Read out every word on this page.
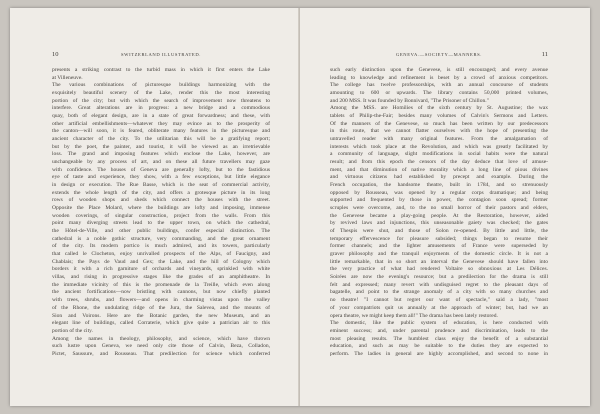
10	SWITZERLAND ILLUSTRATED.
presents a striking contrast to the turbid mass in which it first enters the Lake
at Villeneuve.
The various combinations of picturesque buildings harmonizing with the
exquisitely beautiful scenery of the Lake, render this the most interesting
portion of the city; but with which the search of improvement now threatens to
interfere. Great alterations are in progress: a new bridge and a commodious
quay, both of elegant design, are in a state of great forwardness; and these, with
other artificial embellishments—whatever they may evince as to the prosperity of
the canton—will soon, it is feared, obliterate many features in the picturesque and
ancient character of the city. To the utilitarian this will be a gratifying report;
but by the poet, the painter, and tourist, it will be viewed as an irretrievable
loss. The grand and imposing features which enclose the Lake, however, are
unchangeable by any process of art, and on these all future travellers may gaze
with confidence. The houses of Geneva are generally lofty, but to the fastidious
eye of taste and experience, they show, with a few exceptions, but little elegance
in design or execution. The Rue Basse, which is the seat of commercial activity,
extends the whole length of the city, and offers a grotesque picture in its long
rows of wooden shops and sheds which connect the houses with the street.
Opposite the Place Molard, where the buildings are lofty and imposing, immense
wooden coverings, of singular construction, project from the walls. From this
point many diverging streets lead to the upper town, on which the cathedral,
the Hôtel-de-Ville, and other public buildings, confer especial distinction. The
cathedral is a noble gothic structure, very commanding, and the great ornament
of the city. Its modern portico is much admired, and its towers, particularly
that called le Clocheton, enjoy unrivalled prospects of the Alps, of Faucigny, and
Chablais; the Pays de Vaud and Gex; the Lake, and the hill of Cologny which
borders it with a rich garniture of orchards and vineyards, sprinkled with white
villas, and rising in progressive stages like the grades of an amphitheatre. In
the immediate vicinity of this is the promenade de la Treille, which even along
the ancient fortifications—now bristling with cannons, but now chiefly planted
with trees, shrubs, and flowers—and opens in charming vistas upon the valley
of the Rhone, the undulating ridge of the Jura, the Salevea, and the mounts of
Sion and Voirons. Here are the Botanic garden, the new Museum, and an
elegant line of buildings, called Corraterie, which give quite a patrician air to this
portion of the city.
Among the names in theology, philosophy, and science, which have thrown
such lustre upon Geneva, we need only cite those of Calvin, Beza, Colladon,
Pictet, Saussure, and Rousseau. That predilection for science which conferred
GENEVA.—SOCIETY—MANNERS.	11
such early distinction upon the Genevese, is still encouraged; and every avenue
leading to knowledge and refinement is beset by a crowd of anxious competitors.
The college has twelve professorships, with an annual concourse of students
amounting to 600 or upwards. The library contains 50,000 printed volumes,
and 200 MSS. It was founded by Bonnivard, "The Prisoner of Chillon."
Among the MSS. are Homilies of the sixth century by St. Augustine; the wax
tablets of Philip-the-Fair; besides many volumes of Calvin's Sermons and Letters.
Of the manners of the Genevese, so much has been written by our predecessors
in this route, that we cannot flatter ourselves with the hope of presenting the
untravelled reader with many original features. From the amalgamation of
interests which took place at the Revolution, and which was greatly facilitated by
a community of language, slight modifications in social habits were the natural
result; and from this epoch the censors of the day deduce that love of amuse-
ment, and that diminution of native morality which a long line of pious divines
and virtuous citizens had established by precept and example. During the
French occupation, the handsome theatre, built in 1784, and so strenuously
opposed by Rousseau, was opened by a regular corps dramatique; and being
supported and frequented by those in power, the contagion soon spread; former
scruples were overcome, and, to the no small horror of their pastors and elders,
the Genevese became a play-going people. At the Restoration, however, aided
by revived laws and injunctions, this unseasonable gaiety was checked; the gates
of Thespis were shut, and those of Solon re-opened. By little and little, the
temporary effervescence for pleasure subsided; things began to resume their
former channels; and the lighter amusements of France were superseded by
graver philosophy and the tranquil enjoyments of the domestic circle. It is not a
little remarkable, that in so short an interval the Genevese should have fallen into
the very practice of what had rendered Voltaire so obnoxious at Les Délices.
Soirées are now the evening's resource; but a predilection for the drama is still
felt and expressed; many revert with undisguised regret to the pleasant days of
bagatelle, and point to the strange anomaly of a city with so many churches and
no theatre! "I cannot but regret our want of spectacle," said a lady, "most
of your compatriots quit us annually at the approach of winter; but, had we an
opera theatre, we might keep them all!" The drama has been lately restored.
The domestic, like the public system of education, is here conducted with
eminent success; and, under parental prudence and discrimination, leads to the
most pleasing results. The humblest class enjoy the benefit of a substantial
education, and such as may be suitable to the duties they are expected to
perform. The ladies in general are highly accomplished, and second to none in
